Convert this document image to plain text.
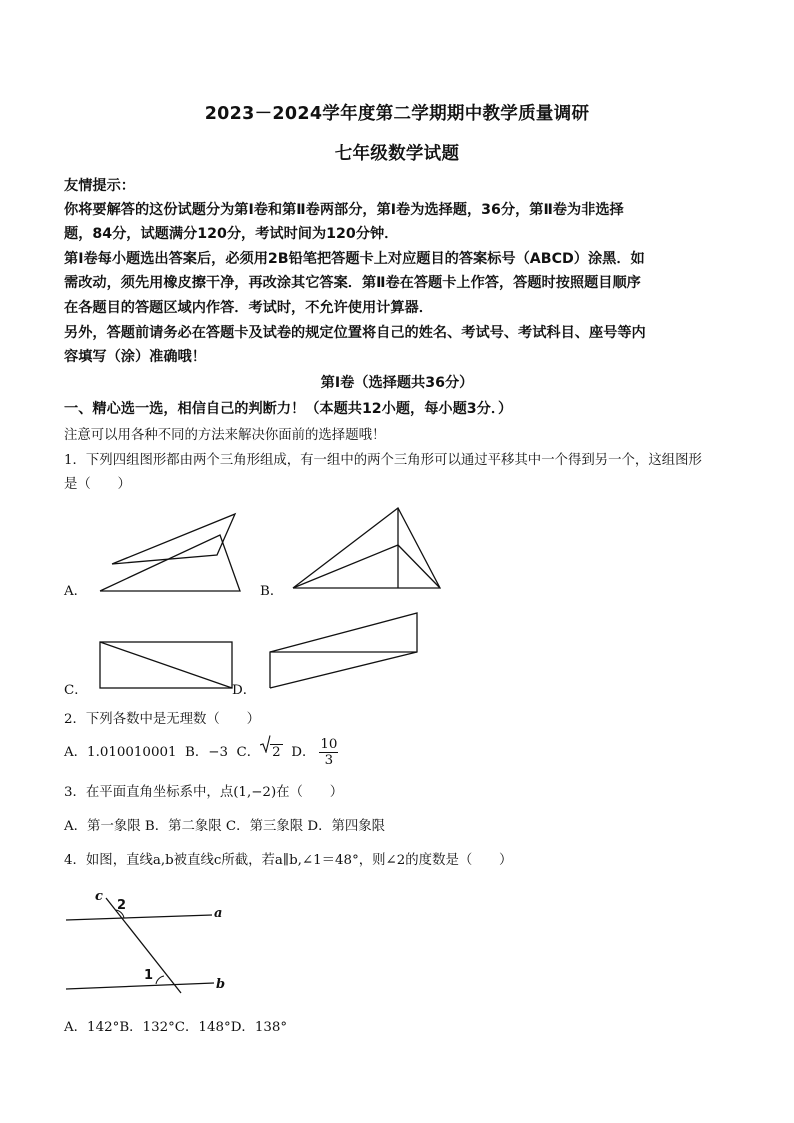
2023－2024学年度第二学期期中教学质量调研
七年级数学试题
友情提示：
你将要解答的这份试题分为第Ⅰ卷和第Ⅱ卷两部分，第Ⅰ卷为选择题，36分，第Ⅱ卷为非选择
题，84分，试题满分120分，考试时间为120分钟．
第Ⅰ卷每小题选出答案后，必须用2B铅笔把答题卡上对应题目的答案标号（ABCD）涂黑．如
需改动，须先用橡皮擦干净，再改涂其它答案．第Ⅱ卷在答题卡上作答，答题时按照题目顺序
在各题目的答题区域内作答．考试时，不允许使用计算器．
另外，答题前请务必在答题卡及试卷的规定位置将自己的姓名、考试号、考试科目、座号等内
容填写（涂）准确哦！
第Ⅰ卷（选择题共36分）
一、精心选一选，相信自己的判断力！（本题共12小题，每小题3分．）
注意可以用各种不同的方法来解决你面前的选择题哦！
1．下列四组图形都由两个三角形组成，有一组中的两个三角形可以通过平移其中一个得到另一个，这组图形
是（　　）
A．	B．
C．	D．
2．下列各数中是无理数（　　）
A．1.010010001 B．−3 C． 2 D． $\frac{10}{3}$
3．在平面直角坐标系中，点(1,−2)在（　　）
A．第一象限 B．第二象限 C．第三象限 D．第四象限
4．如图，直线a,b被直线c所截，若a∥b,∠1＝48°，则∠2的度数是（　　）
c
2
a
1
b
A．142°B．132°C．148°D．138°
